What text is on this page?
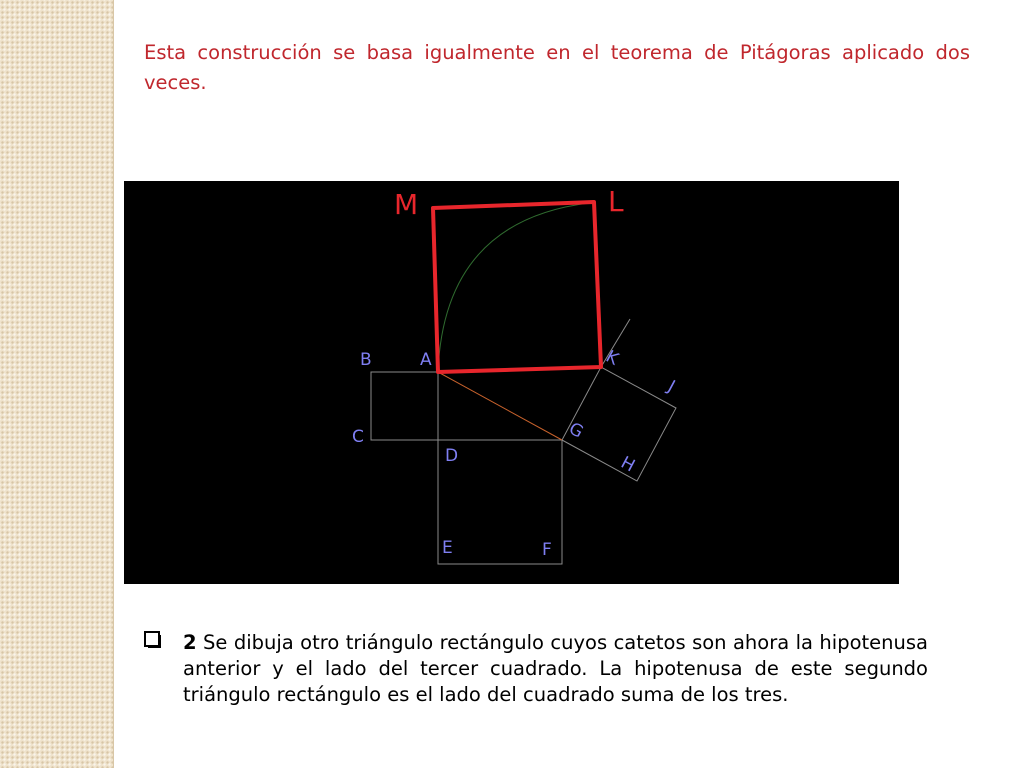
Esta construcción se basa igualmente en el teorema de Pitágoras aplicado dos veces.

M	L
B	A	K
J
C	G
D	H
E	F

2 Se dibuja otro triángulo rectángulo cuyos catetos son ahora la hipotenusa anterior y el lado del tercer cuadrado. La hipotenusa de este segundo triángulo rectángulo es el lado del cuadrado suma de los tres.
